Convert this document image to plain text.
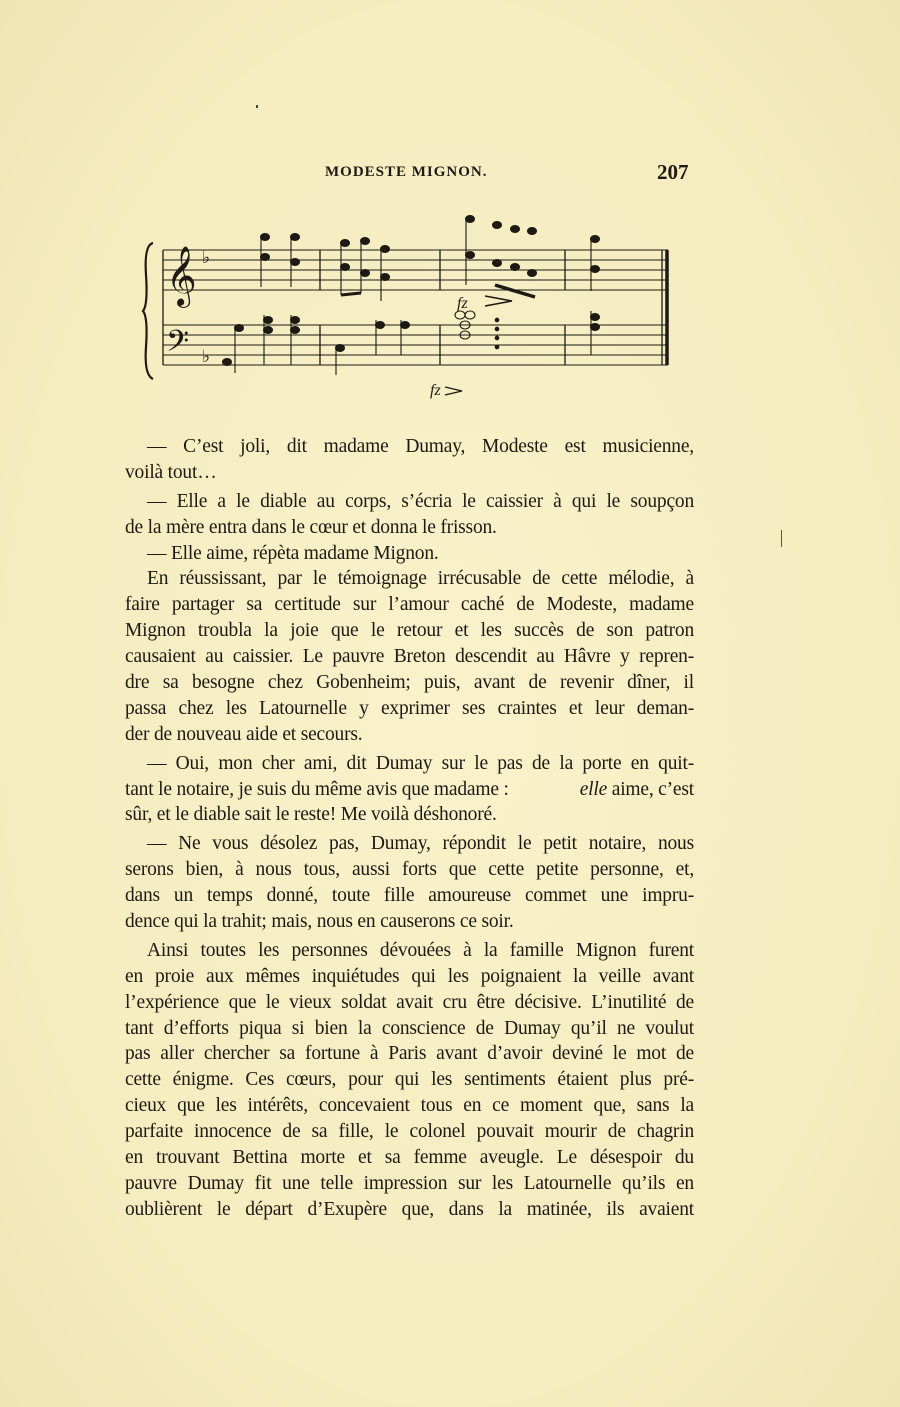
MODESTE MIGNON.	207
𝄞
𝄢
♭
♭
fz
fz
— C’est joli, dit madame Dumay, Modeste est musicienne,
voilà tout…
— Elle a le diable au corps, s’écria le caissier à qui le soupçon
de la mère entra dans le cœur et donna le frisson.
— Elle aime, répèta madame Mignon.
En réussissant, par le témoignage irrécusable de cette mélodie, à
faire partager sa certitude sur l’amour caché de Modeste, madame
Mignon troubla la joie que le retour et les succès de son patron
causaient au caissier. Le pauvre Breton descendit au Hâvre y repren-
dre sa besogne chez Gobenheim; puis, avant de revenir dîner, il
passa chez les Latournelle y exprimer ses craintes et leur deman-
der de nouveau aide et secours.
— Oui, mon cher ami, dit Dumay sur le pas de la porte en quit-
tant le notaire, je suis du même avis que madame :	elle aime, c’est
sûr, et le diable sait le reste! Me voilà déshonoré.
— Ne vous désolez pas, Dumay, répondit le petit notaire, nous
serons bien, à nous tous, aussi forts que cette petite personne, et,
dans un temps donné, toute fille amoureuse commet une impru-
dence qui la trahit; mais, nous en causerons ce soir.
Ainsi toutes les personnes dévouées à la famille Mignon furent
en proie aux mêmes inquiétudes qui les poignaient la veille avant
l’expérience que le vieux soldat avait cru être décisive. L’inutilité de
tant d’efforts piqua si bien la conscience de Dumay qu’il ne voulut
pas aller chercher sa fortune à Paris avant d’avoir deviné le mot de
cette énigme. Ces cœurs, pour qui les sentiments étaient plus pré-
cieux que les intérêts, concevaient tous en ce moment que, sans la
parfaite innocence de sa fille, le colonel pouvait mourir de chagrin
en trouvant Bettina morte et sa femme aveugle. Le désespoir du
pauvre Dumay fit une telle impression sur les Latournelle qu’ils en
oublièrent le départ d’Exupère que, dans la matinée, ils avaient
